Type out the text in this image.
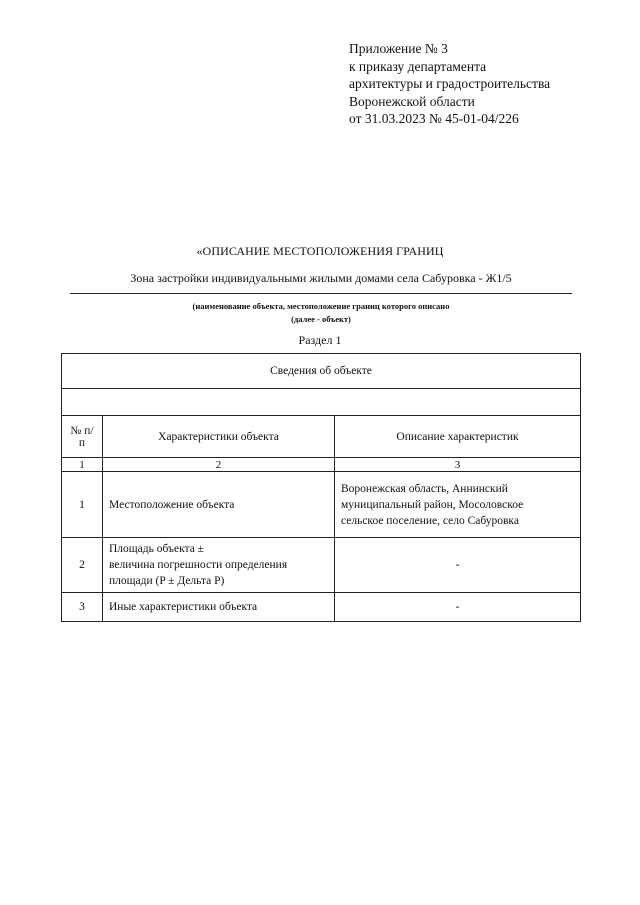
Приложение № 3
к приказу департамента
архитектуры и градостроительства
Воронежской области
от 31.03.2023 № 45-01-04/226
«ОПИСАНИЕ МЕСТОПОЛОЖЕНИЯ ГРАНИЦ
Зона застройки индивидуальными жилыми домами села Сабуровка - Ж1/5
(наименование объекта, местоположение границ которого описано
(далее - объект)
Раздел 1
Сведения об объекте		

№ п/п	Характеристики объекта	Описание характеристик
1	2	3
1	Местоположение объекта	Воронежская область, Аннинский
муниципальный район, Мосоловское
сельское поселение, село Сабуровка

2	Площадь объекта ±
величина погрешности определения
площади (P ± Дельта P)	-
3	Иные характеристики объекта	-
